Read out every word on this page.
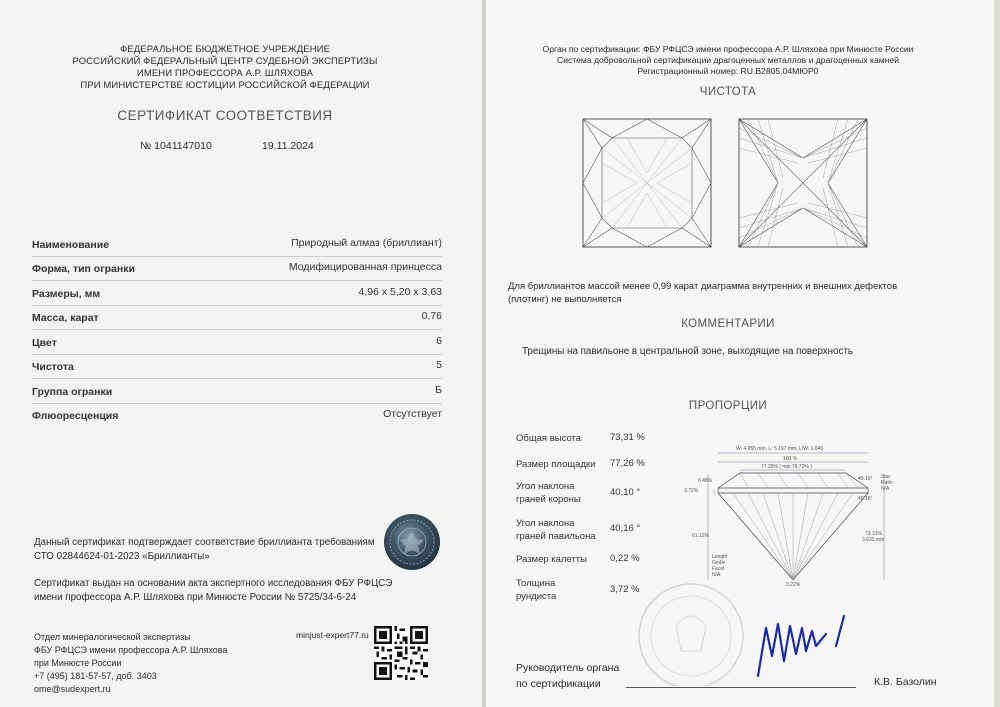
ФЕДЕРАЛЬНОЕ БЮДЖЕТНОЕ УЧРЕЖДЕНИЕ
РОССИЙСКИЙ ФЕДЕРАЛЬНЫЙ ЦЕНТР СУДЕБНОЙ ЭКСПЕРТИЗЫ
ИМЕНИ ПРОФЕССОРА А.Р. ШЛЯХОВА
ПРИ МИНИСТЕРСТВЕ ЮСТИЦИИ РОССИЙСКОЙ ФЕДЕРАЦИИ
СЕРТИФИКАТ СООТВЕТСТВИЯ
№ 1041147010	19.11.2024
Наименование	Природный алмаз (бриллиант)
Форма, тип огранки	Модифицированная принцесса
Размеры, мм	4,96 x 5,20 x 3,63
Масса, карат	0,76
Цвет	6
Чистота	5
Группа огранки	Б
Флюоресценция	Отсутствует
Данный сертификат подтверждает соответствие бриллианта требованиям
СТО 02844624-01-2023 «Бриллианты»
Сертификат выдан на основании акта экспертного исследования ФБУ РФЦСЭ
имени профессора А.Р. Шляхова при Минюсте России № 5725/34-6-24
Отдел минералогической экспертизы
ФБУ РФЦСЭ имени профессора А.Р. Шляхова
при Минюсте России
+7 (495) 181-57-57, доб. 3403
ome@sudexpert.ru
minjust-expert77.ru
Орган по сертификации: ФБУ РФЦСЭ имени профессора А.Р. Шляхова при Минюсте России
Система добровольной сертификации драгоценных металлов и драгоценных камней
Регистрационный номер: RU.B2805.04МЮР0
ЧИСТОТА
Для бриллиантов массой менее 0,99 карат диаграмма внутренних и внешних дефектов
(плотинг) не выполняется
КОММЕНТАРИИ
Трещины на павильоне в центральной зоне, выходящие на поверхность
ПРОПОРЦИИ
Общая высота	73,31 %
Размер площадки 77,26 %
Угол наклона
граней короны
40,10 °
Угол наклона
граней павильона
40,16 °
Размер калетты 0,22 %
Толщина
рундиста
3,72 %
W: 4.955 mm, L: 5.197 mm, L/W: 1.049
100 %
77.26% ( min 76.72% )
6.48%
3.72%
40.10°
40.16°
Star
Ratio
N/A
61.12%	73.31%
3.633 mm
Length
Girdle
Facet
N/A
0.22%
Руководитель органа
по сертификации	К.В. Базолин
